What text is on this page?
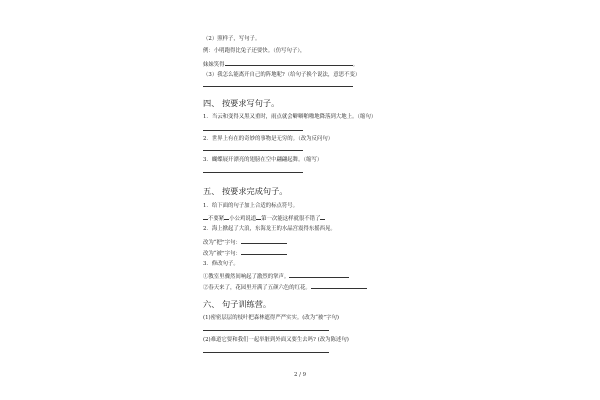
（2）照样子，写句子。
例：小明跑得比兔子还要快。（仿写句子），
妹妹笑得	。
（3）我怎么能离开自己的阵地呢?（给句子换个说法，意思不变）
四、 按要求写句子。
1．当云和变得又黑又重时，雨点就会噼噼啪啪地降落到大地上。（缩句）
2．世界上有在的奇妙的事物是无穷的。（改为反问句）
3．蝴蝶展开漂亮的翅膀在空中翩翩起舞。（缩写）
五、 按要求完成句子。
1．给下面的句子加上合适的标点符号。
不要紧 小公鸡说道 第一次能这样就很不错了
2．海上掀起了大浪，东海龙王的水晶宫震得东摇西晃。
改为“把”字句：
改为“被”字句：
3．修改句子。
①教室里骤然间响起了激烈的掌声。
②春天来了，花园里开满了五颜六色的红花。
六、 句子训练营。
(1)密密层层的枝叶把森林遮得严严实实。(改为“被”字句)
(2)难道它要和我们一起举脏到外面又要生去吗? (改为陈述句)
2 / 9
